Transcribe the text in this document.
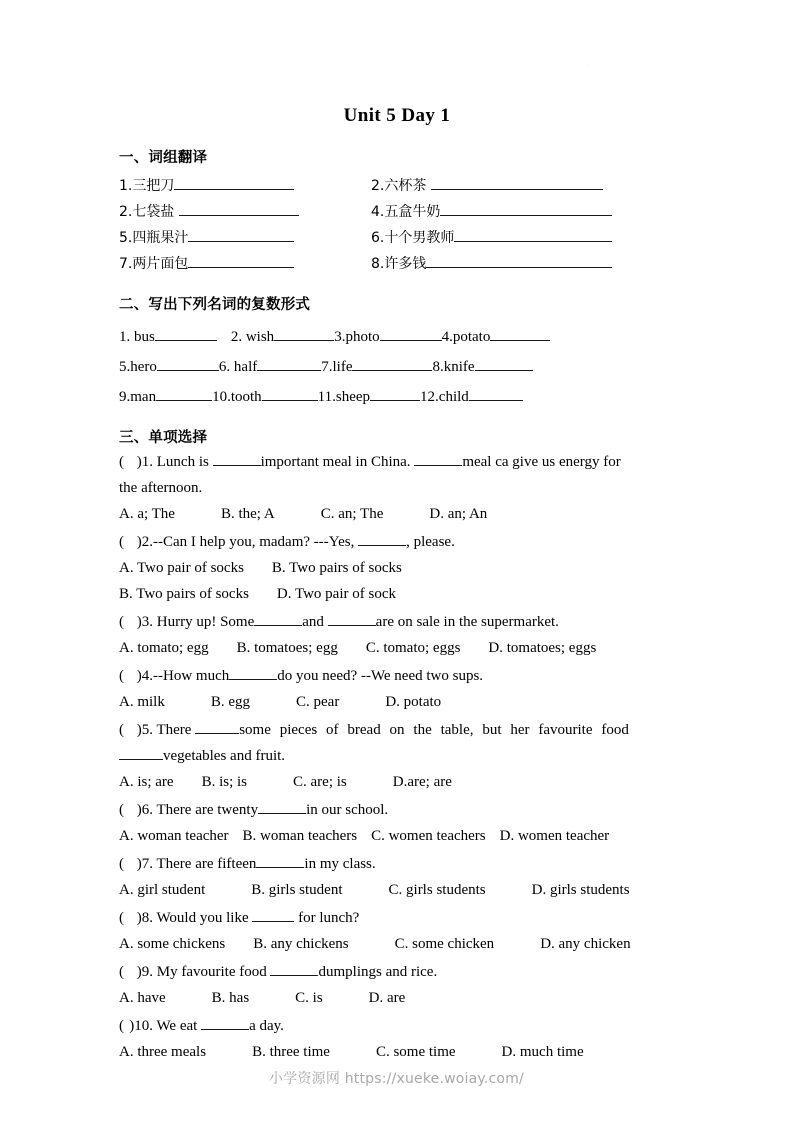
·
Unit 5 Day 1
一、词组翻译
1.三把刀	2.六杯茶
2.七袋盐	4.五盒牛奶
5.四瓶果汁	6.十个男教师
7.两片面包	8.许多钱
二、写出下列名词的复数形式
1. bus	2. wish	3.photo	4.potato
5.hero	6. half	7.life	8.knife
9.man	10.tooth	11.sheep	12.child
三、单项选择
( )1. Lunch is	important meal in China.	meal ca give us energy for
the afternoon.
A. a; The	B. the; A	C. an; The	D. an; An
( )2. --Can I help you, madam? ---Yes,	, please.
A. Two pair of socks B. Two pairs of socks
B. Two pairs of socks D. Two pair of sock
( )3. Hurry up! Some	and	are on sale in the supermarket.
A. tomato; egg B. tomatoes; egg C. tomato; eggs D. tomatoes; eggs
( )4. --How much	do you need? --We need two sups.
A. milk	B. egg	C. pear	D. potato
( )5. There	some pieces of bread on the table, but her favourite food
vegetables and fruit.
A. is; are B. is; is	C. are; is	D.are; are
( )6. There are twenty	in our school.
A. woman teacher B. woman teachers C. women teachers D. women teacher
( )7. There are fifteen	in my class.
A. girl student	B. girls student	C. girls students	D. girls students
( )8. Would you like	for lunch?
A. some chickens B. any chickens	C. some chicken	D. any chicken
( )9. My favourite food	dumplings and rice.
A. have	B. has	C. is	D. are
( )10. We eat	a day.
A. three meals	B. three time	C. some time	D. much time
小学资源网 https://xueke.woiay.com/
